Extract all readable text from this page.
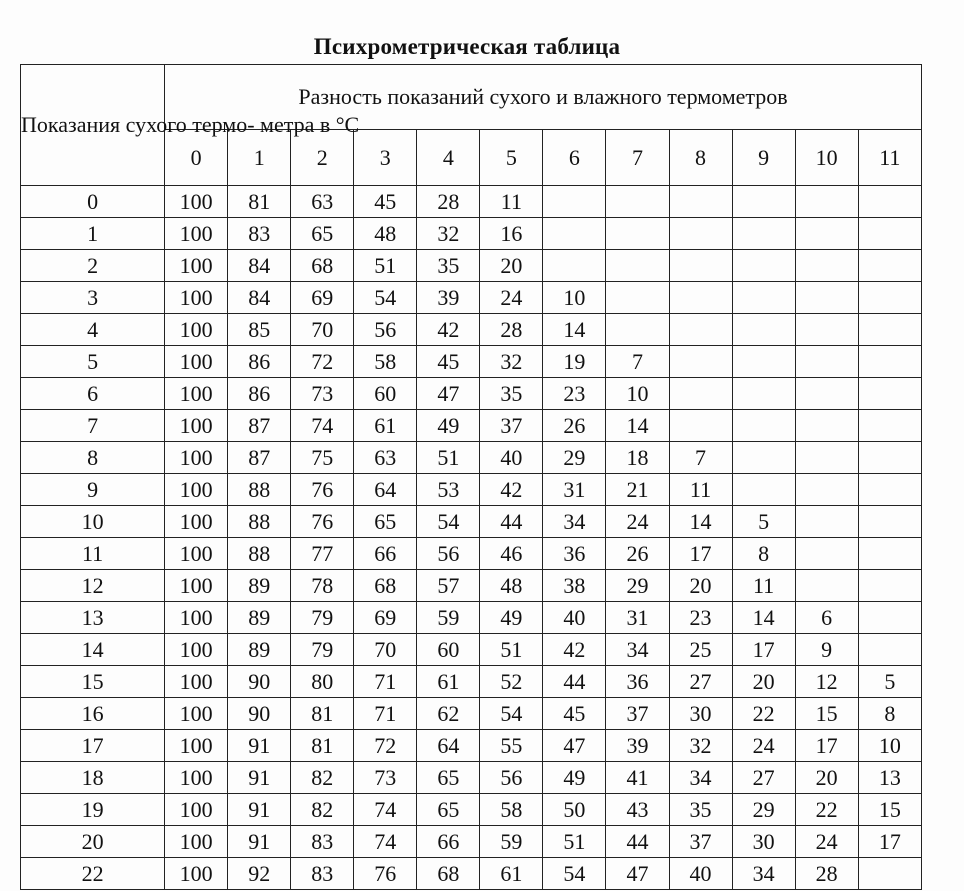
Психрометрическая таблица
Показания сухого термо- метра в °С	Разность показаний сухого и влажного термометров											
	0	1	2	3	4	5	6	7	8	9	10	11
0	100	81	63	45	28	11						
1	100	83	65	48	32	16						
2	100	84	68	51	35	20						
3	100	84	69	54	39	24	10					
4	100	85	70	56	42	28	14					
5	100	86	72	58	45	32	19	7				
6	100	86	73	60	47	35	23	10				
7	100	87	74	61	49	37	26	14				
8	100	87	75	63	51	40	29	18	7			
9	100	88	76	64	53	42	31	21	11			
10	100	88	76	65	54	44	34	24	14	5		
11	100	88	77	66	56	46	36	26	17	8		
12	100	89	78	68	57	48	38	29	20	11		
13	100	89	79	69	59	49	40	31	23	14	6	
14	100	89	79	70	60	51	42	34	25	17	9	
15	100	90	80	71	61	52	44	36	27	20	12	5
16	100	90	81	71	62	54	45	37	30	22	15	8
17	100	91	81	72	64	55	47	39	32	24	17	10
18	100	91	82	73	65	56	49	41	34	27	20	13
19	100	91	82	74	65	58	50	43	35	29	22	15
20	100	91	83	74	66	59	51	44	37	30	24	17
22	100	92	83	76	68	61	54	47	40	34	28	
